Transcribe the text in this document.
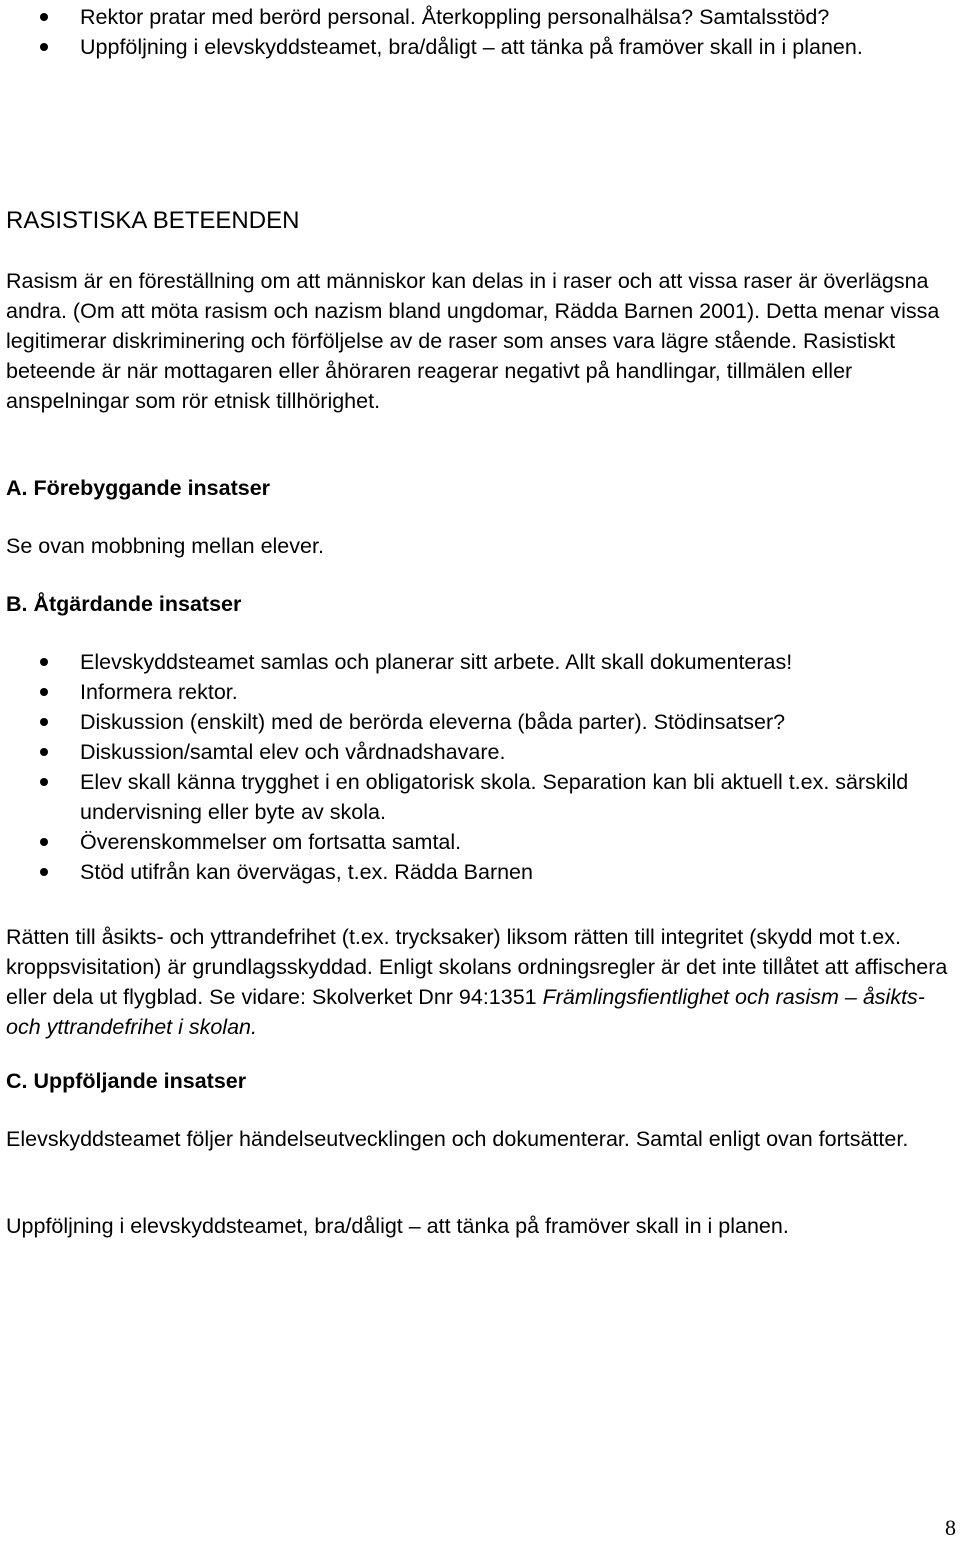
Rektor pratar med berörd personal. Återkoppling personalhälsa? Samtalsstöd?
Uppföljning i elevskyddsteamet, bra/dåligt – att tänka på framöver skall in i planen.
RASISTISKA BETEENDEN

Rasism är en föreställning om att människor kan delas in i raser och att vissa raser är överlägsna andra. (Om att möta rasism och nazism bland ungdomar, Rädda Barnen 2001). Detta menar vissa legitimerar diskriminering och förföljelse av de raser som anses vara lägre stående. Rasistiskt beteende är när mottagaren eller åhöraren reagerar negativt på handlingar, tillmälen eller anspelningar som rör etnisk tillhörighet.

A. Förebyggande insatser
Se ovan mobbning mellan elever.
B. Åtgärdande insatser
Elevskyddsteamet samlas och planerar sitt arbete. Allt skall dokumenteras!
Informera rektor.
Diskussion (enskilt) med de berörda eleverna (båda parter). Stödinsatser?
Diskussion/samtal elev och vårdnadshavare.
Elev skall känna trygghet i en obligatorisk skola. Separation kan bli aktuell t.ex. särskild undervisning eller byte av skola.
Överenskommelser om fortsatta samtal.
Stöd utifrån kan övervägas, t.ex. Rädda Barnen

Rätten till åsikts- och yttrandefrihet (t.ex. trycksaker) liksom rätten till integritet (skydd mot t.ex. kroppsvisitation) är grundlagsskyddad. Enligt skolans ordningsregler är det inte tillåtet att affischera eller dela ut flygblad. Se vidare: Skolverket Dnr 94:1351 Främlingsfientlighet och rasism – åsikts- och yttrandefrihet i skolan.

C. Uppföljande insatser

Elevskyddsteamet följer händelseutvecklingen och dokumenterar. Samtal enligt ovan fortsätter.

Uppföljning i elevskyddsteamet, bra/dåligt – att tänka på framöver skall in i planen.

8
